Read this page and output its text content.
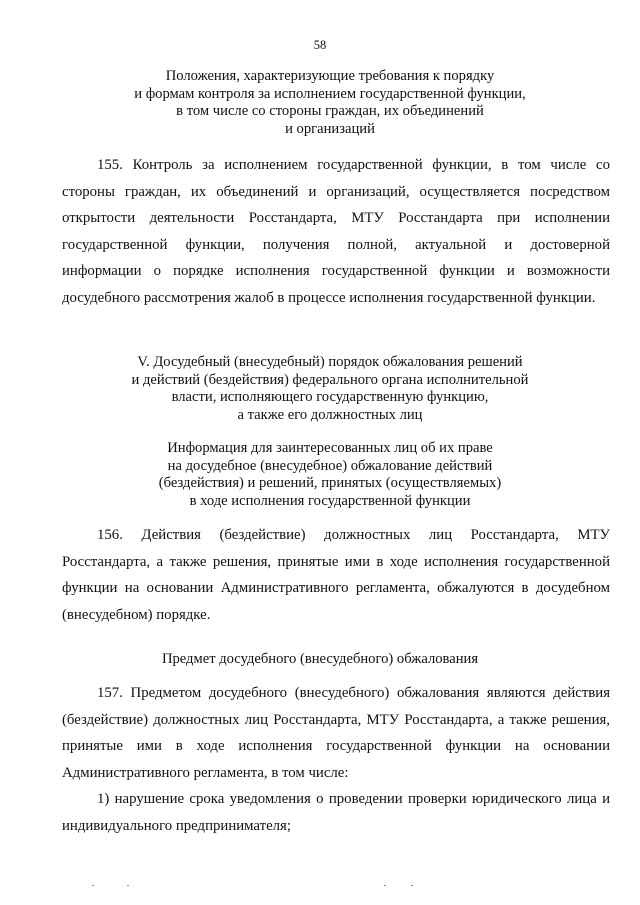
58
Положения, характеризующие требования к порядку
и формам контроля за исполнением государственной функции,
в том числе со стороны граждан, их объединений
и организаций
155. Контроль за исполнением государственной функции, в том числе со
стороны граждан, их объединений и организаций, осуществляется посредством
открытости деятельности Росстандарта, МТУ Росстандарта при исполнении
государственной функции, получения полной, актуальной и достоверной
информации о порядке исполнения государственной функции и возможности
досудебного рассмотрения жалоб в процессе исполнения государственной функции.
V. Досудебный (внесудебный) порядок обжалования решений
и действий (бездействия) федерального органа исполнительной
власти, исполняющего государственную функцию,
а также его должностных лиц
Информация для заинтересованных лиц об их праве
на досудебное (внесудебное) обжалование действий
(бездействия) и решений, принятых (осуществляемых)
в ходе исполнения государственной функции
156. Действия (бездействие) должностных лиц Росстандарта, МТУ
Росстандарта, а также решения, принятые ими в ходе исполнения государственной
функции на основании Административного регламента, обжалуются в досудебном
(внесудебном) порядке.
Предмет досудебного (внесудебного) обжалования
157. Предметом досудебного (внесудебного) обжалования являются действия
(бездействие) должностных лиц Росстандарта, МТУ Росстандарта, а также решения,
принятые ими в ходе исполнения государственной функции на основании
Административного регламента, в том числе:
1) нарушение срока уведомления о проведении проверки юридического лица и
индивидуального предпринимателя;
